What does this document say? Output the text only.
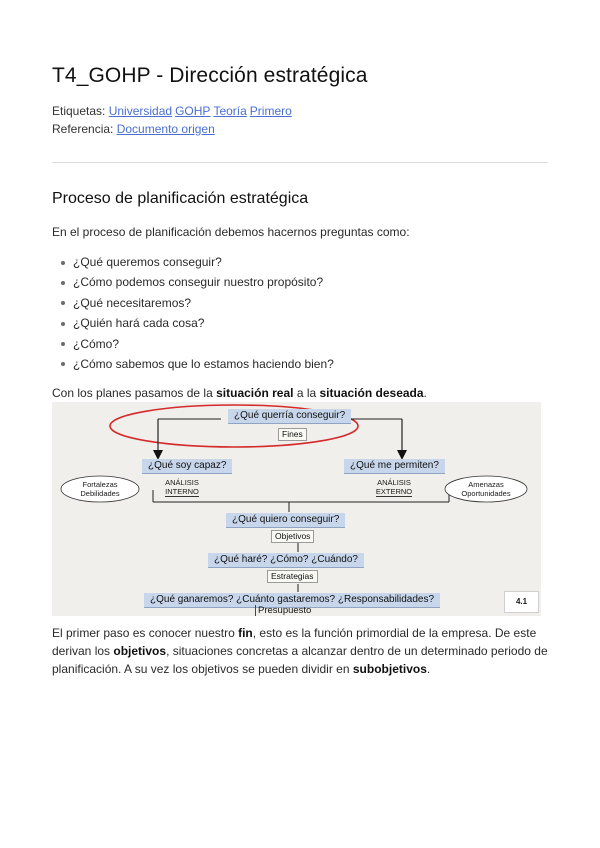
T4_GOHP - Dirección estratégica
Etiquetas: Universidad GOHP Teoría Primero
Referencia: Documento origen
Proceso de planificación estratégica
En el proceso de planificación debemos hacernos preguntas como:
¿Qué queremos conseguir?
¿Cómo podemos conseguir nuestro propósito?
¿Qué necesitaremos?
¿Quién hará cada cosa?
¿Cómo?
¿Cómo sabemos que lo estamos haciendo bien?
Con los planes pasamos de la situación real a la situación deseada.
¿Qué querría conseguir?
Fines
¿Qué soy capaz?	¿Qué me permiten?
ANÁLISIS
INTERNO
ANÁLISIS
EXTERNO
Fortalezas
Debilidades
Amenazas
Oportunidades
¿Qué quiero conseguir?
Objetivos
¿Qué haré? ¿Cómo? ¿Cuándo?
Estrategias
¿Qué ganaremos? ¿Cuánto gastaremos? ¿Responsabilidades?
Presupuesto
4.1
El primer paso es conocer nuestro fin, esto es la función primordial de la empresa. De este derivan los objetivos, situaciones concretas a alcanzar dentro de un determinado periodo de planificación. A su vez los objetivos se pueden dividir en subobjetivos.
